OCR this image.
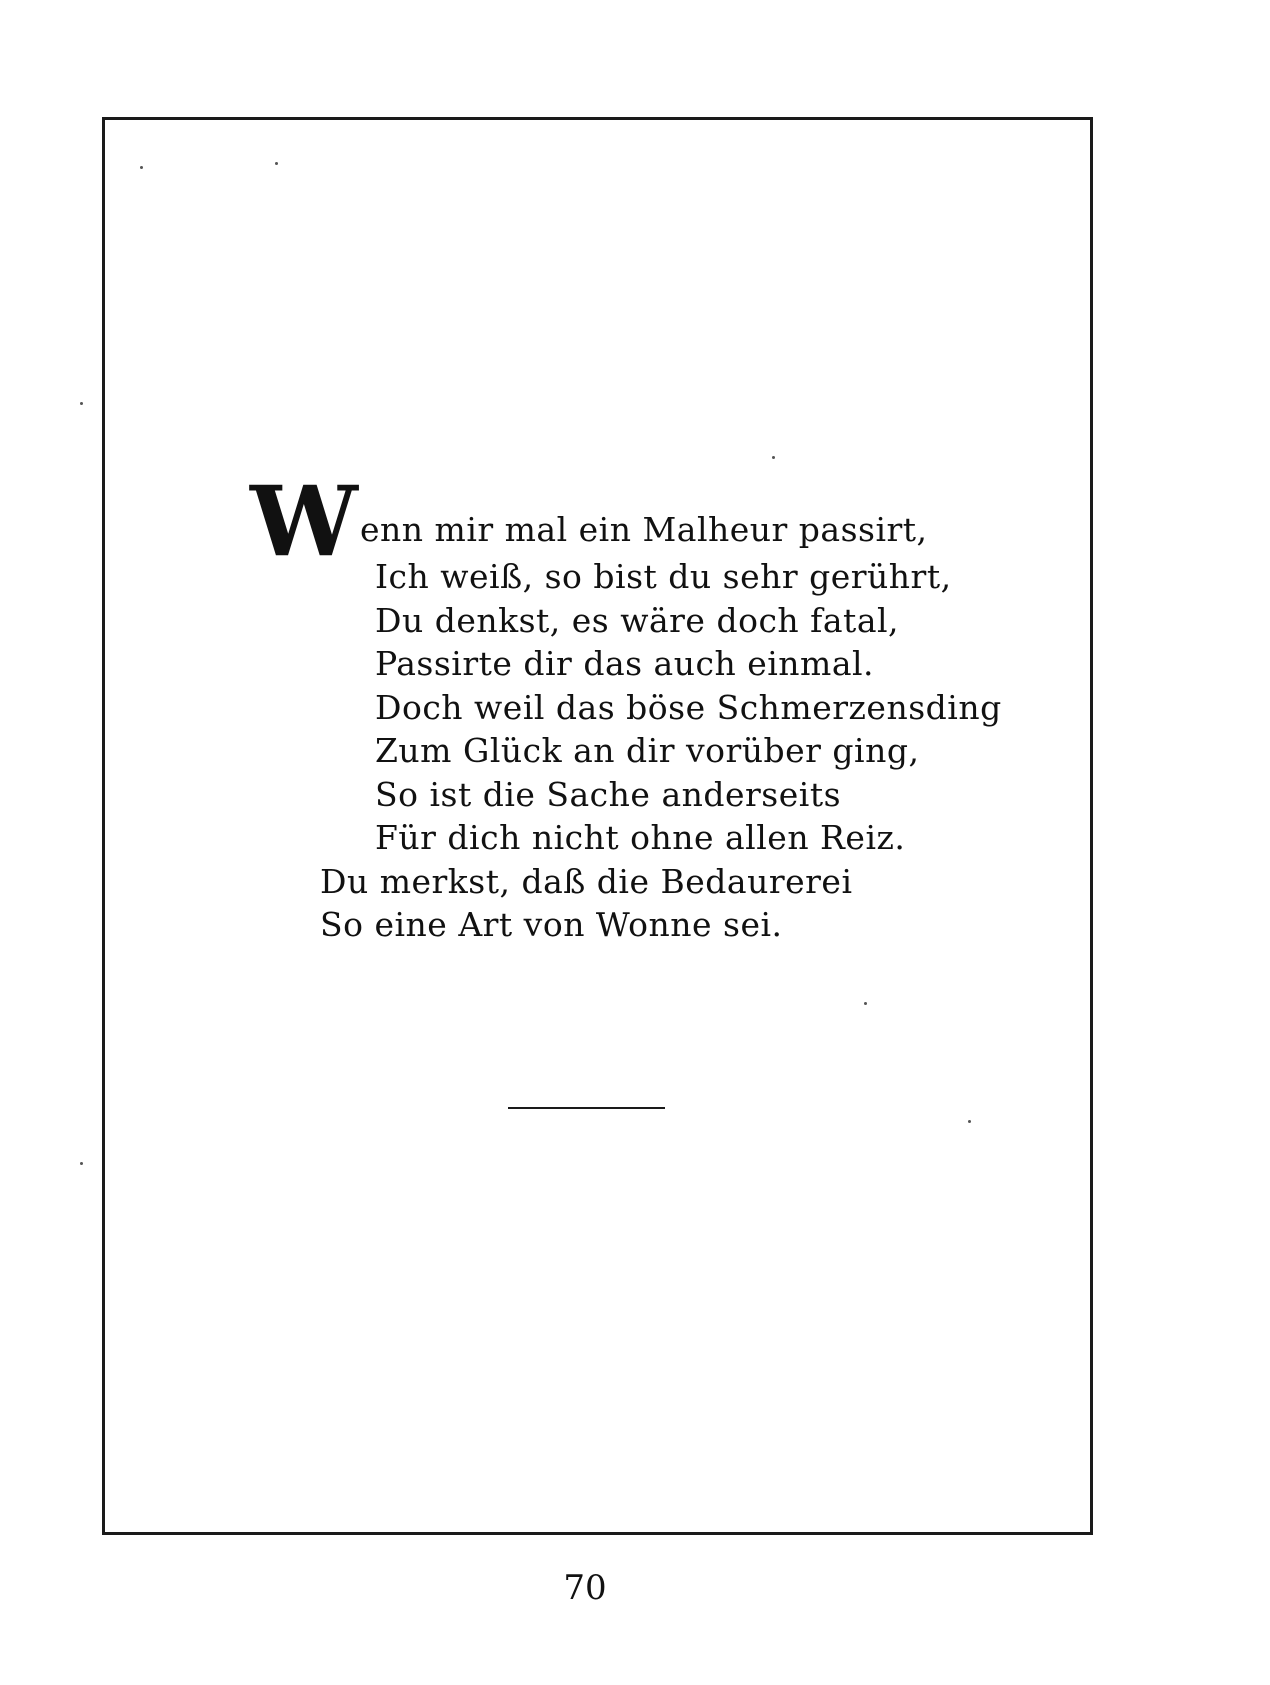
W enn mir mal ein Malheur passirt,
Ich weiß, so bist du sehr gerührt,
Du denkst, es wäre doch fatal,
Passirte dir das auch einmal.
Doch weil das böse Schmerzensding
Zum Glück an dir vorüber ging,
So ist die Sache anderseits
Für dich nicht ohne allen Reiz.
Du merkst, daß die Bedaurerei
So eine Art von Wonne sei.
70
